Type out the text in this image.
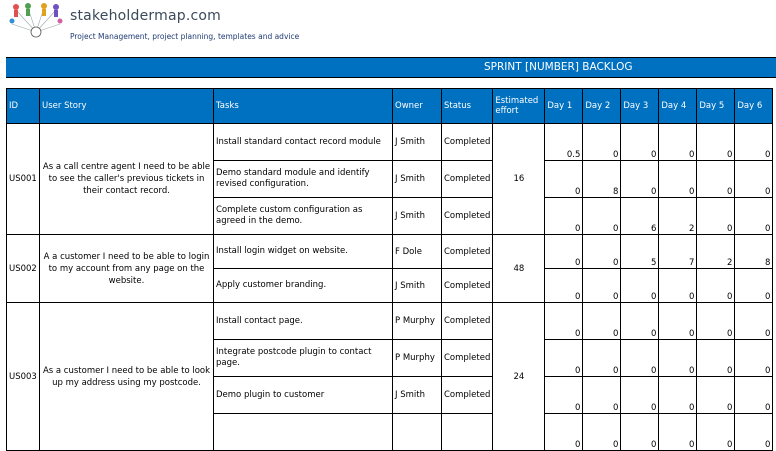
stakeholdermap.com
Project Management, project planning, templates and advice
SPRINT [NUMBER] BACKLOG
ID	User Story	Tasks	Owner	Status	Estimated effort	Day 1	Day 2	Day 3	Day 4	Day 5	Day 6
US001	As a call centre agent I need to be able to see the caller's previous tickets in their contact record.	Install standard contact record module	J Smith	Completed	16	0.5	0	0	0	0	0
		Demo standard module and identify revised configuration.	J Smith	Completed		0	8	0	0	0	0
		Complete custom configuration as agreed in the demo.	J Smith	Completed		0	0	6	2	0	0
US002	A a customer I need to be able to login to my account from any page on the website.	Install login widget on website.	F Dole	Completed	48	0	0	5	7	2	8
		Apply customer branding.	J Smith	Completed		0	0	0	0	0	0
US003	As a customer I need to be able to look up my address using my postcode.	Install contact page.	P Murphy	Completed	24	0	0	0	0	0	0
		Integrate postcode plugin to contact page.	P Murphy	Completed		0	0	0	0	0	0
		Demo plugin to customer	J Smith	Completed		0	0	0	0	0	0
						0	0	0	0	0	0
